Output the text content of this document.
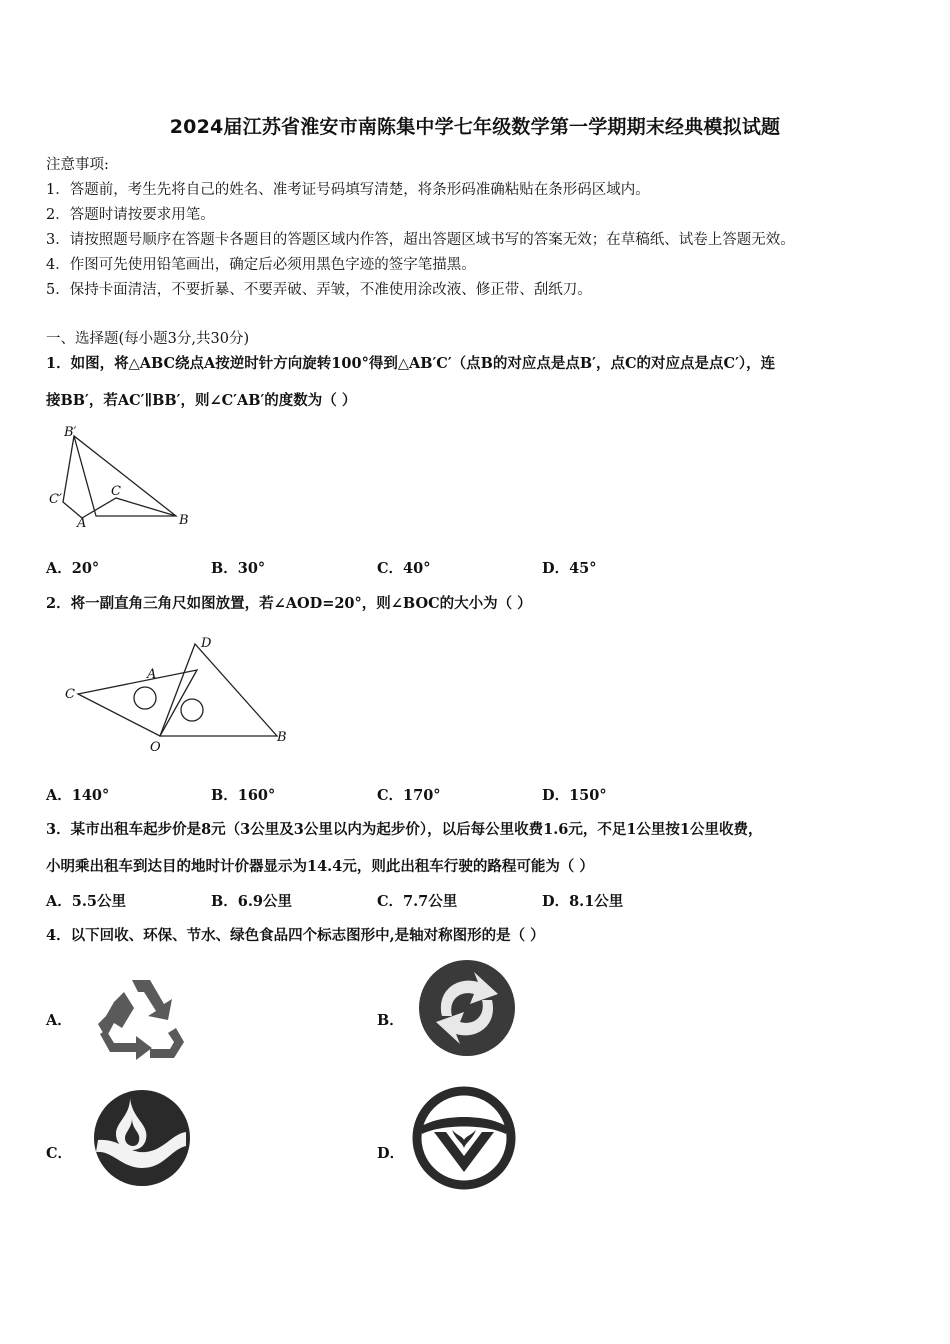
2024届江苏省淮安市南陈集中学七年级数学第一学期期末经典模拟试题
注意事项:
1．答题前，考生先将自己的姓名、准考证号码填写清楚，将条形码准确粘贴在条形码区域内。
2．答题时请按要求用笔。
3．请按照题号顺序在答题卡各题目的答题区域内作答，超出答题区域书写的答案无效；在草稿纸、试卷上答题无效。
4．作图可先使用铅笔画出，确定后必须用黑色字迹的签字笔描黑。
5．保持卡面清洁，不要折暴、不要弄破、弄皱，不准使用涂改液、修正带、刮纸刀。
一、选择题(每小题3分,共30分)
1．如图，将△ABC绕点A按逆时针方向旋转100°得到△AB′C′（点B的对应点是点B′，点C的对应点是点C′），连
接BB′，若AC′∥BB′，则∠C′AB′的度数为（ ）
B′
C′
C
A	B
A．20°	B．30°	C．40°	D．45°
2．将一副直角三角尺如图放置，若∠AOD=20°，则∠BOC的大小为（ ）
D
A
C
O
B
A．140°	B．160°	C．170°	D．150°
3．某市出租车起步价是8元（3公里及3公里以内为起步价），以后每公里收费1.6元，不足1公里按1公里收费，
小明乘出租车到达目的地时计价器显示为14.4元，则此出租车行驶的路程可能为（ ）
A．5.5公里	B．6.9公里	C．7.7公里	D．8.1公里
4．以下回收、环保、节水、绿色食品四个标志图形中,是轴对称图形的是（ ）
A．	B．
C．	D．
